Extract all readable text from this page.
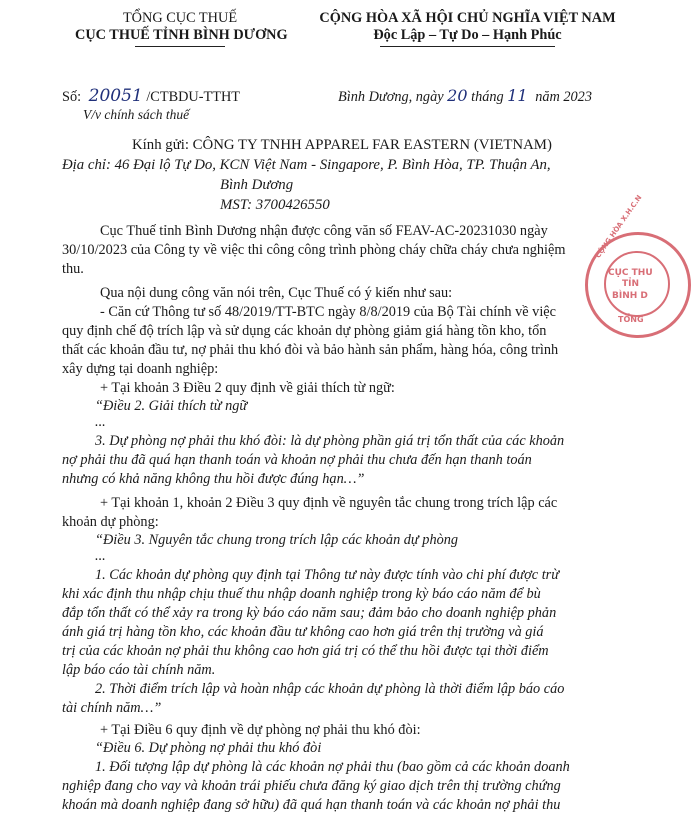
TỔNG CỤC THUẾ
CỤC THUẾ TỈNH BÌNH DƯƠNG
CỘNG HÒA XÃ HỘI CHỦ NGHĨA VIỆT NAM
Độc Lập – Tự Do – Hạnh Phúc
Số: 20051 /CTBDU-TTHT
V/v chính sách thuế
Bình Dương, ngày 20 tháng 11 năm 2023
Kính gửi: CÔNG TY TNHH APPAREL FAR EASTERN (VIETNAM)
Địa chỉ: 46 Đại lộ Tự Do, KCN Việt Nam - Singapore, P. Bình Hòa, TP. Thuận An,
Bình Dương
MST: 3700426550
Cục Thuế tỉnh Bình Dương nhận được công văn số FEAV-AC-20231030 ngày
30/10/2023 của Công ty về việc thi công công trình phòng cháy chữa cháy chưa nghiệm
thu.
Qua nội dung công văn nói trên, Cục Thuế có ý kiến như sau:
- Căn cứ Thông tư số 48/2019/TT-BTC ngày 8/8/2019 của Bộ Tài chính về việc
quy định chế độ trích lập và sử dụng các khoản dự phòng giảm giá hàng tồn kho, tổn
thất các khoản đầu tư, nợ phải thu khó đòi và bảo hành sản phẩm, hàng hóa, công trình
xây dựng tại doanh nghiệp:
+ Tại khoản 3 Điều 2 quy định về giải thích từ ngữ:
“Điều 2. Giải thích từ ngữ
...
3. Dự phòng nợ phải thu khó đòi: là dự phòng phần giá trị tổn thất của các khoản
nợ phải thu đã quá hạn thanh toán và khoản nợ phải thu chưa đến hạn thanh toán
nhưng có khả năng không thu hồi được đúng hạn…”
+ Tại khoản 1, khoản 2 Điều 3 quy định về nguyên tắc chung trong trích lập các
khoản dự phòng:
“Điều 3. Nguyên tắc chung trong trích lập các khoản dự phòng
...
1. Các khoản dự phòng quy định tại Thông tư này được tính vào chi phí được trừ
khi xác định thu nhập chịu thuế thu nhập doanh nghiệp trong kỳ báo cáo năm để bù
đắp tổn thất có thể xảy ra trong kỳ báo cáo năm sau; đảm bảo cho doanh nghiệp phản
ánh giá trị hàng tồn kho, các khoản đầu tư không cao hơn giá trên thị trường và giá
trị của các khoản nợ phải thu không cao hơn giá trị có thể thu hồi được tại thời điểm
lập báo cáo tài chính năm.
2. Thời điểm trích lập và hoàn nhập các khoản dự phòng là thời điểm lập báo cáo
tài chính năm…”
+ Tại Điều 6 quy định về dự phòng nợ phải thu khó đòi:
“Điều 6. Dự phòng nợ phải thu khó đòi
1. Đối tượng lập dự phòng là các khoản nợ phải thu (bao gồm cả các khoản doanh
nghiệp đang cho vay và khoản trái phiếu chưa đăng ký giao dịch trên thị trường chứng
khoán mà doanh nghiệp đang sở hữu) đã quá hạn thanh toán và các khoản nợ phải thu
CỘNG HÒA X.H.C.N
CỤC THU
TỈN
BÌNH D
TỔNG
